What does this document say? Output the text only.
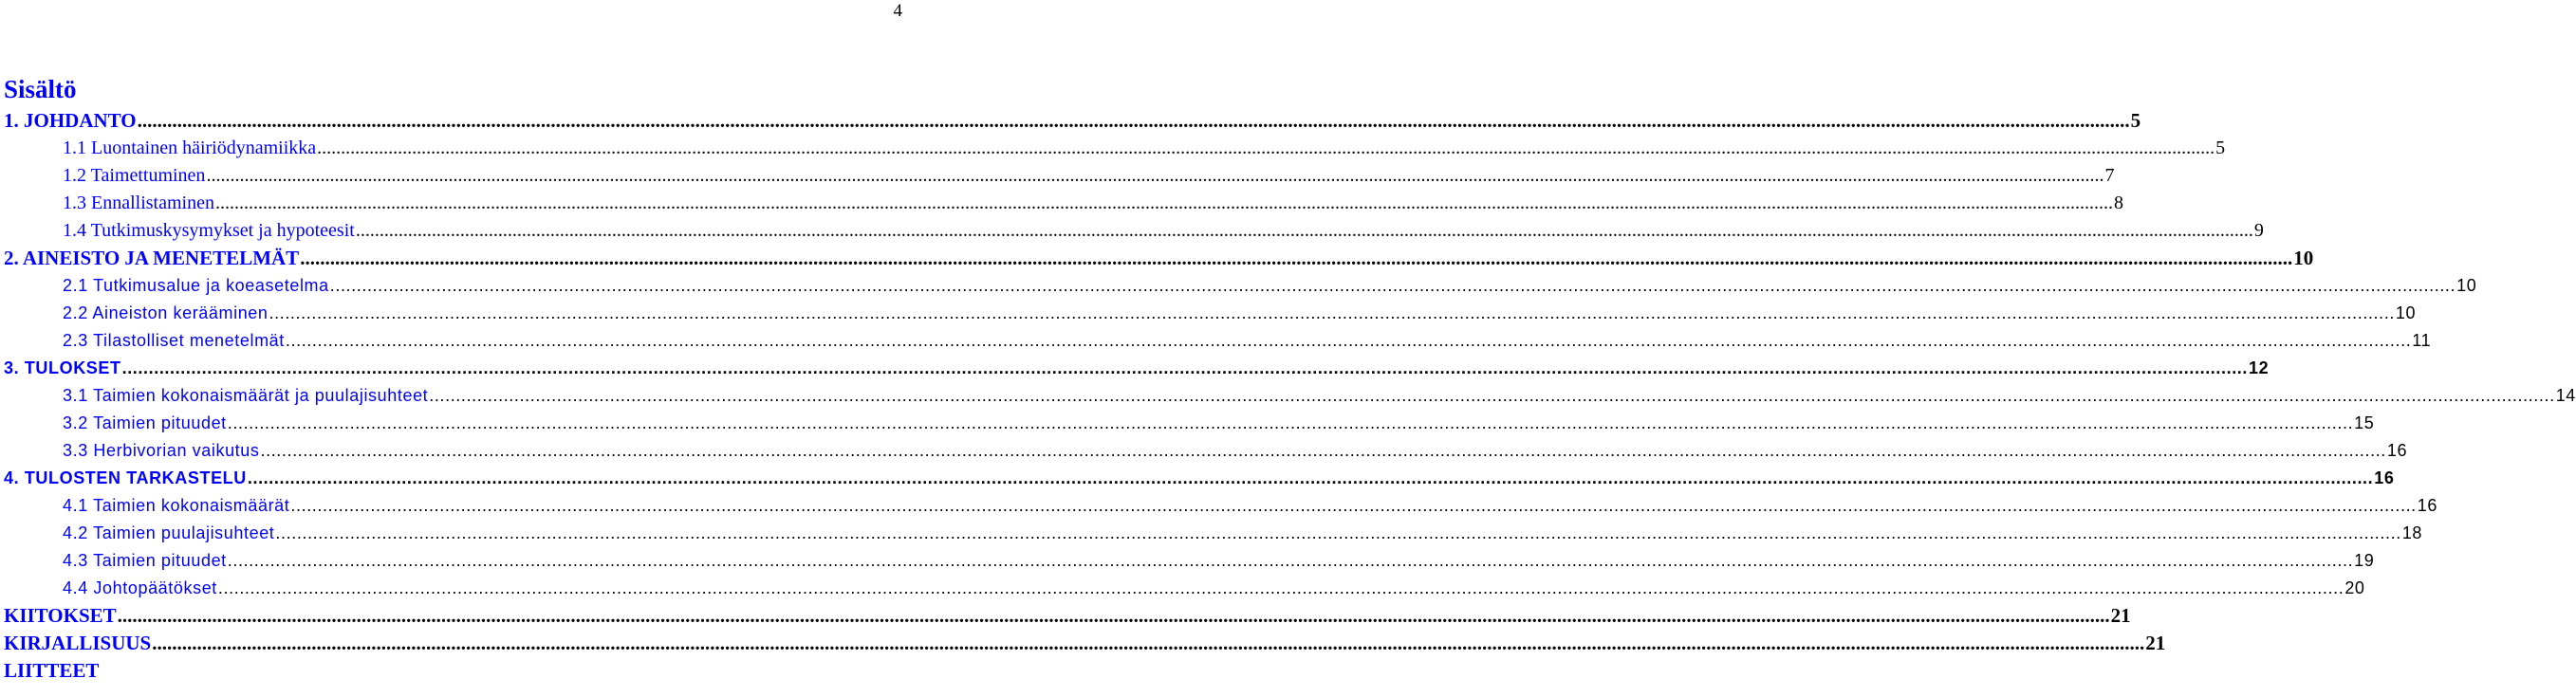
4
Sisältö
1. JOHDANTO ................................................................................................................................................................................................................................................................................................................................................................................................................ 5
1.1 Luontainen häiriödynamiikka ................................................................................................................................................................................................................................................................................................................................................................................................................ 5
1.2 Taimettuminen ................................................................................................................................................................................................................................................................................................................................................................................................................ 7
1.3 Ennallistaminen ................................................................................................................................................................................................................................................................................................................................................................................................................ 8
1.4 Tutkimuskysymykset ja hypoteesit ................................................................................................................................................................................................................................................................................................................................................................................................................ 9
2. AINEISTO JA MENETELMÄT ................................................................................................................................................................................................................................................................................................................................................................................................................ 10
2.1 Tutkimusalue ja koeasetelma ................................................................................................................................................................................................................................................................................................................................................................................................................ 10
2.2 Aineiston kerääminen ................................................................................................................................................................................................................................................................................................................................................................................................................ 10
2.3 Tilastolliset menetelmät ................................................................................................................................................................................................................................................................................................................................................................................................................ 11
3. TULOKSET ................................................................................................................................................................................................................................................................................................................................................................................................................ 12
3.1 Taimien kokonaismäärät ja puulajisuhteet ................................................................................................................................................................................................................................................................................................................................................................................................................ 14
3.2 Taimien pituudet ................................................................................................................................................................................................................................................................................................................................................................................................................ 15
3.3 Herbivorian vaikutus ................................................................................................................................................................................................................................................................................................................................................................................................................ 16
4. TULOSTEN TARKASTELU ................................................................................................................................................................................................................................................................................................................................................................................................................ 16
4.1 Taimien kokonaismäärät ................................................................................................................................................................................................................................................................................................................................................................................................................ 16
4.2 Taimien puulajisuhteet ................................................................................................................................................................................................................................................................................................................................................................................................................ 18
4.3 Taimien pituudet ................................................................................................................................................................................................................................................................................................................................................................................................................ 19
4.4 Johtopäätökset ................................................................................................................................................................................................................................................................................................................................................................................................................ 20
KIITOKSET ................................................................................................................................................................................................................................................................................................................................................................................................................ 21
KIRJALLISUUS ................................................................................................................................................................................................................................................................................................................................................................................................................ 21
LIITTEET
